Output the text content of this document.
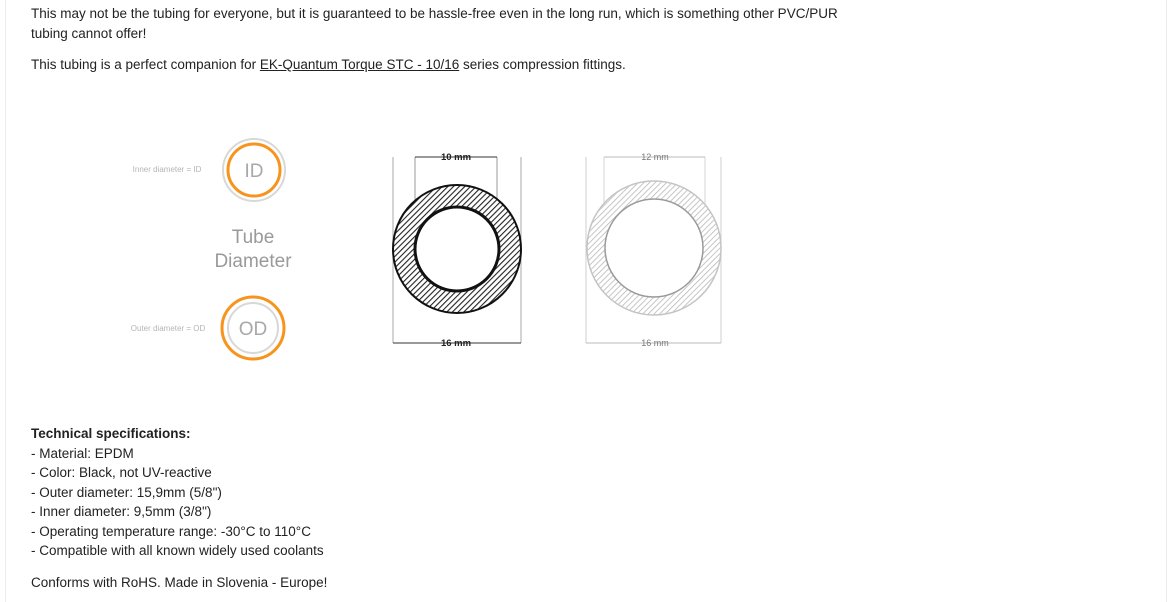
This may not be the tubing for everyone, but it is guaranteed to be hassle-free even in the long run, which is something other PVC/PUR tubing cannot offer!

This tubing is a perfect companion for EK-Quantum Torque STC - 10/16 series compression fittings.

Inner diameter = ID ID
Tube
Diameter
Outer diameter = OD OD
10 mm
16 mm
12 mm
16 mm
Technical specifications:
- Material: EPDM
- Color: Black, not UV-reactive
- Outer diameter: 15,9mm (5/8")
- Inner diameter: 9,5mm (3/8")
- Operating temperature range: -30°C to 110°C
- Compatible with all known widely used coolants

Conforms with RoHS. Made in Slovenia - Europe!
